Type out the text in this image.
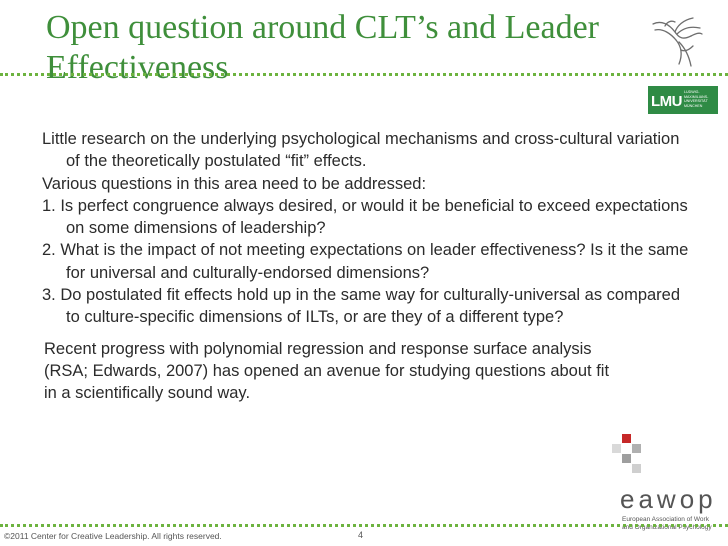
Open question around CLT’s and Leader
Effectiveness
LMU
LUDWIG-
MAXIMILIANS-
UNIVERSITÄT
MÜNCHEN

Little research on the underlying psychological mechanisms and cross-cultural variation of the theoretically postulated “fit” effects.

Various questions in this area need to be addressed:

1. Is perfect congruence always desired, or would it be beneficial to exceed expectations on some dimensions of leadership?

2. What is the impact of not meeting expectations on leader effectiveness? Is it the same for universal and culturally-endorsed dimensions?

3. Do postulated fit effects hold up in the same way for culturally-universal as compared to culture-specific dimensions of ILTs, or are they of a different type?

Recent progress with polynomial regression and response surface analysis
(RSA; Edwards, 2007) has opened an avenue for studying questions about fit
in a scientifically sound way.
eawop
European Association of Work
and Organizational Psychology
©2011 Center for Creative Leadership. All rights reserved.	4
